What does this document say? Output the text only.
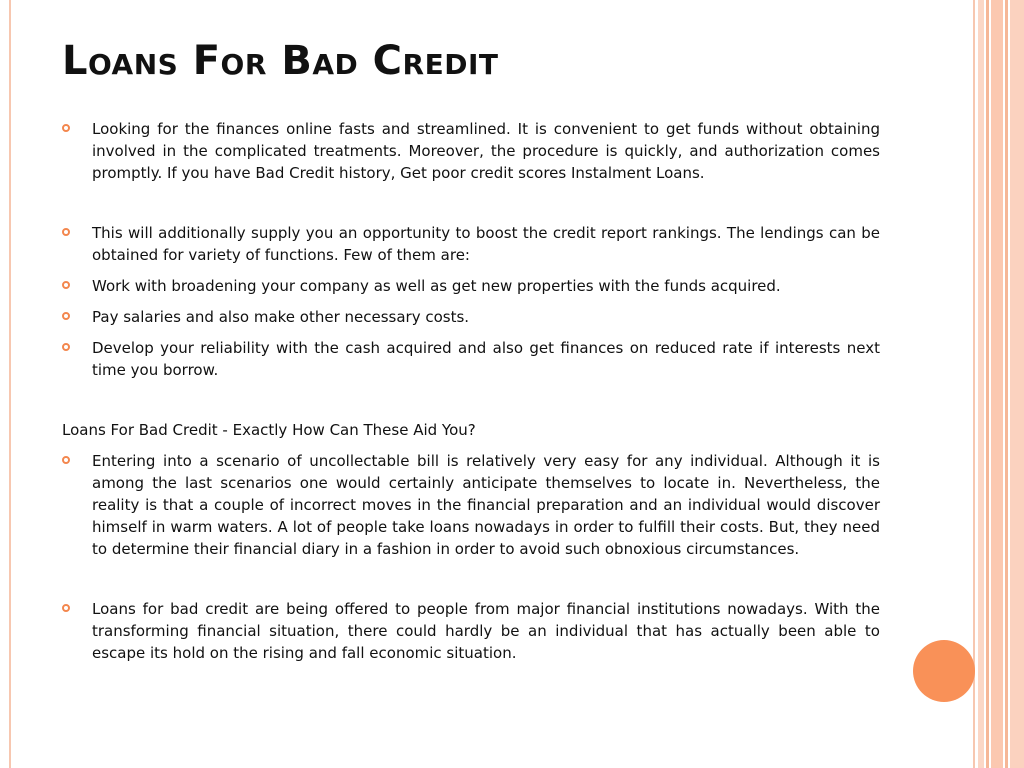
Loans For Bad Credit
Looking for the finances online fasts and streamlined. It is convenient to get funds without obtaining involved in the complicated treatments. Moreover, the procedure is quickly, and authorization comes promptly. If you have Bad Credit history, Get poor credit scores Instalment Loans.
This will additionally supply you an opportunity to boost the credit report rankings. The lendings can be obtained for variety of functions. Few of them are:
Work with broadening your company as well as get new properties with the funds acquired.
Pay salaries and also make other necessary costs.
Develop your reliability with the cash acquired and also get finances on reduced rate if interests next time you borrow.
Loans For Bad Credit - Exactly How Can These Aid You?
Entering into a scenario of uncollectable bill is relatively very easy for any individual. Although it is among the last scenarios one would certainly anticipate themselves to locate in. Nevertheless, the reality is that a couple of incorrect moves in the financial preparation and an individual would discover himself in warm waters. A lot of people take loans nowadays in order to fulfill their costs. But, they need to determine their financial diary in a fashion in order to avoid such obnoxious circumstances.
Loans for bad credit are being offered to people from major financial institutions nowadays. With the transforming financial situation, there could hardly be an individual that has actually been able to escape its hold on the rising and fall economic situation.
